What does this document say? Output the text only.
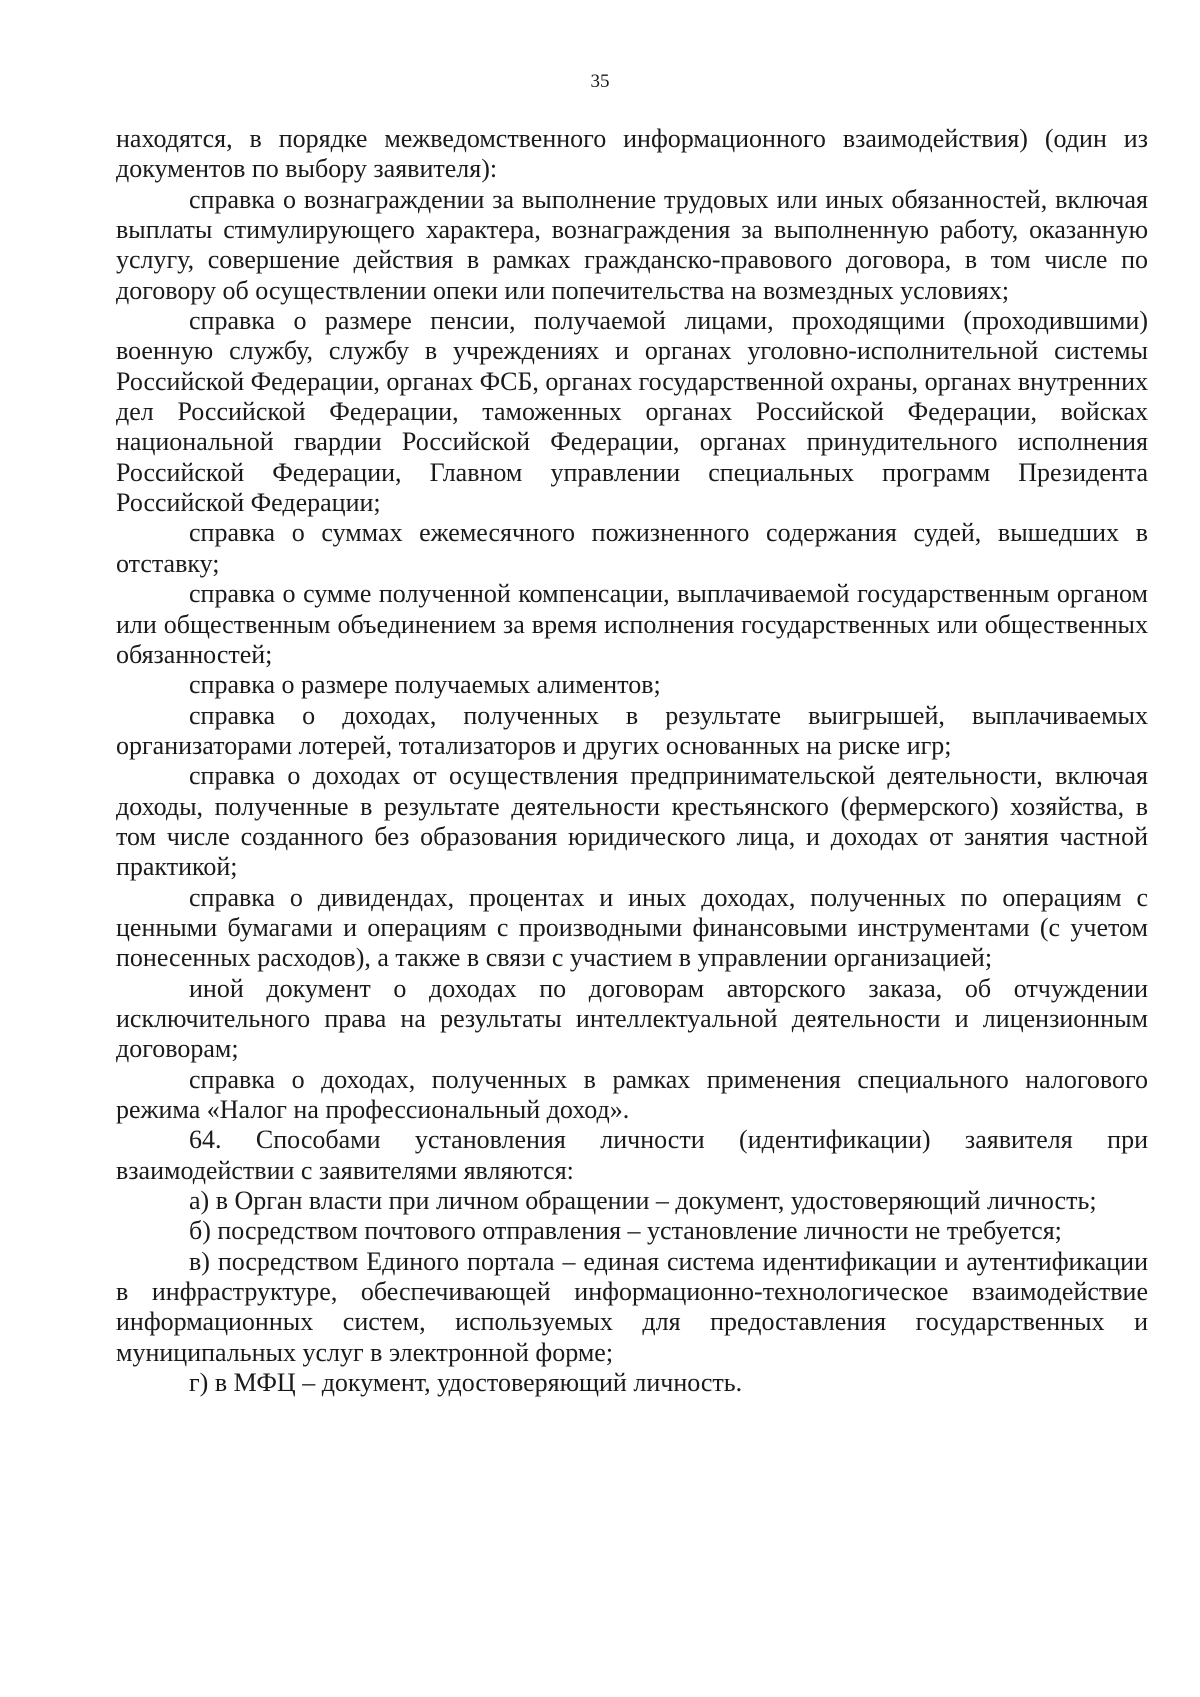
35

находятся, в порядке межведомственного информационного взаимодействия) (один из документов по выбору заявителя):

справка о вознаграждении за выполнение трудовых или иных обязанностей, включая выплаты стимулирующего характера, вознаграждения за выполненную работу, оказанную услугу, совершение действия в рамках гражданско-правового договора, в том числе по договору об осуществлении опеки или попечительства на возмездных условиях;

справка о размере пенсии, получаемой лицами, проходящими (проходившими) военную службу, службу в учреждениях и органах уголовно-исполнительной системы Российской Федерации, органах ФСБ, органах государственной охраны, органах внутренних дел Российской Федерации, таможенных органах Российской Федерации, войсках национальной гвардии Российской Федерации, органах принудительного исполнения Российской Федерации, Главном управлении специальных программ Президента Российской Федерации;

справка о суммах ежемесячного пожизненного содержания судей, вышедших в отставку;

справка о сумме полученной компенсации, выплачиваемой государственным органом или общественным объединением за время исполнения государственных или общественных обязанностей;

справка о размере получаемых алиментов;

справка о доходах, полученных в результате выигрышей, выплачиваемых организаторами лотерей, тотализаторов и других основанных на риске игр;

справка о доходах от осуществления предпринимательской деятельности, включая доходы, полученные в результате деятельности крестьянского (фермерского) хозяйства, в том числе созданного без образования юридического лица, и доходах от занятия частной практикой;

справка о дивидендах, процентах и иных доходах, полученных по операциям с ценными бумагами и операциям с производными финансовыми инструментами (с учетом понесенных расходов), а также в связи с участием в управлении организацией;

иной документ о доходах по договорам авторского заказа, об отчуждении исключительного права на результаты интеллектуальной деятельности и лицензионным договорам;

справка о доходах, полученных в рамках применения специального налогового режима «Налог на профессиональный доход».

64. Способами установления личности (идентификации) заявителя при взаимодействии с заявителями являются:

а) в Орган власти при личном обращении – документ, удостоверяющий личность;

б) посредством почтового отправления – установление личности не требуется;

в) посредством Единого портала – единая система идентификации и аутентификации в инфраструктуре, обеспечивающей информационно-технологическое взаимодействие информационных систем, используемых для предоставления государственных и муниципальных услуг в электронной форме;

г) в МФЦ – документ, удостоверяющий личность.
